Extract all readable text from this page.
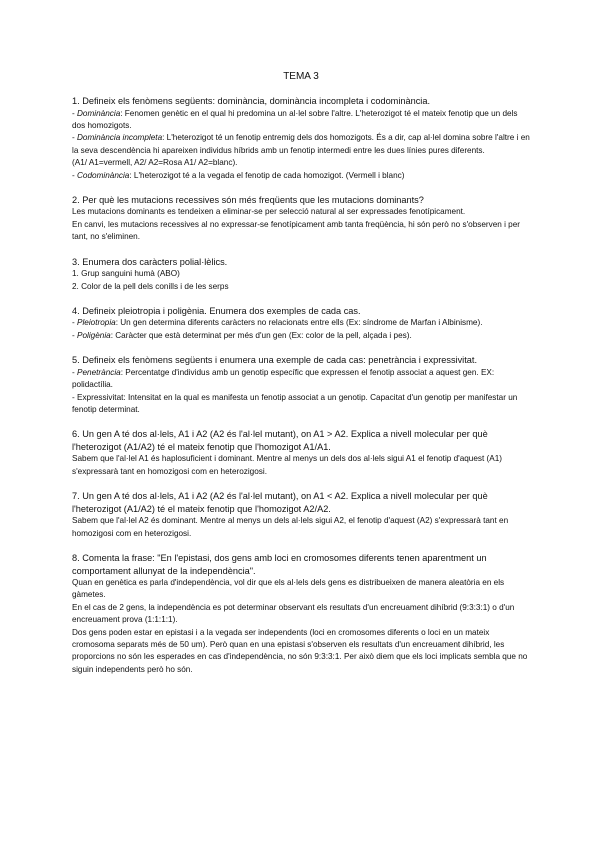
TEMA 3
1. Defineix els fenòmens següents: dominància, dominància incompleta i codominància.
- Dominància: Fenomen genètic en el qual hi predomina un al·lel sobre l'altre. L'heterozigot té el mateix fenotip que un dels dos homozigots.
- Dominància incompleta: L'heterozigot té un fenotip entremig dels dos homozigots. És a dir, cap al·lel domina sobre l'altre i en la seva descendència hi apareixen individus híbrids amb un fenotip intermedi entre les dues línies pures diferents.
(A1/ A1=vermell, A2/ A2=Rosa A1/ A2=blanc).
- Codominància: L'heterozigot té a la vegada el fenotip de cada homozigot. (Vermell i blanc)
2. Per què les mutacions recessives són més freqüents que les mutacions dominants?
Les mutacions dominants es tendeixen a eliminar-se per selecció natural al ser expressades fenotípicament.
En canvi, les mutacions recessives al no expressar-se fenotípicament amb tanta freqüència, hi són però no s'observen i per tant, no s'eliminen.
3. Enumera dos caràcters polial·lèlics.
1. Grup sanguini humà (ABO)
2. Color de la pell dels conills i de les serps
4. Defineix pleiotropia i poligènia. Enumera dos exemples de cada cas.
- Pleiotropia: Un gen determina diferents caràcters no relacionats entre ells (Ex: síndrome de Marfan i Albinisme).
- Poligènia: Caràcter que està determinat per més d'un gen (Ex: color de la pell, alçada i pes).
5. Defineix els fenòmens següents i enumera una exemple de cada cas: penetrància i expressivitat.
- Penetrància: Percentatge d'individus amb un genotip específic que expressen el fenotip associat a aquest gen. EX: polidactília.
- Expressivitat: Intensitat en la qual es manifesta un fenotip associat a un genotip. Capacitat d'un genotip per manifestar un fenotip determinat.
6. Un gen A té dos al·lels, A1 i A2 (A2 és l'al·lel mutant), on A1 > A2. Explica a nivell molecular per què l'heterozigot (A1/A2) té el mateix fenotip que l'homozigot A1/A1.
Sabem que l'al·lel A1 és haplosuficient i dominant. Mentre al menys un dels dos al·lels sigui A1 el fenotip d'aquest (A1) s'expressarà tant en homozigosi com en heterozigosi.
7. Un gen A té dos al·lels, A1 i A2 (A2 és l'al·lel mutant), on A1 < A2. Explica a nivell molecular per què l'heterozigot (A1/A2) té el mateix fenotip que l'homozigot A2/A2.
Sabem que l'al·lel A2 és dominant. Mentre al menys un dels al·lels sigui A2, el fenotip d'aquest (A2) s'expressarà tant en homozigosi com en heterozigosi.
8. Comenta la frase: "En l'epistasi, dos gens amb loci en cromosomes diferents tenen aparentment un comportament allunyat de la independència".
Quan en genètica es parla d'independència, vol dir que els al·lels dels gens es distribueixen de manera aleatòria en els gàmetes.
En el cas de 2 gens, la independència es pot determinar observant els resultats d'un encreuament dihíbrid (9:3:3:1) o d'un encreuament prova (1:1:1:1).
Dos gens poden estar en epistasi i a la vegada ser independents (loci en cromosomes diferents o loci en un mateix cromosoma separats més de 50 um). Però quan en una epistasi s'observen els resultats d'un encreuament dihíbrid, les proporcions no són les esperades en cas d'independència, no són 9:3:3:1. Per això diem que els loci implicats sembla que no siguin independents però ho són.
